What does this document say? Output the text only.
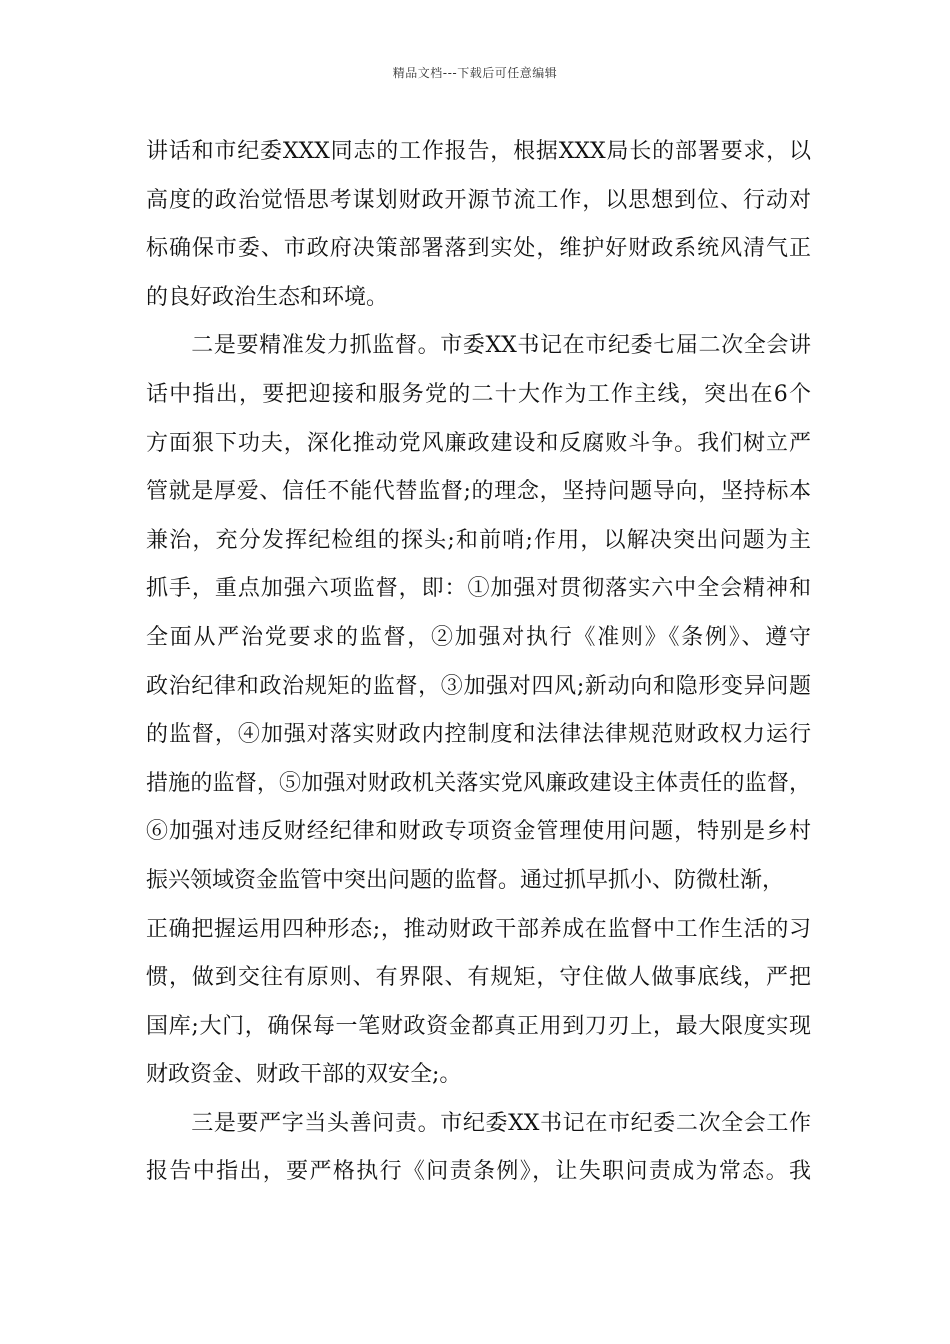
精品文档---下载后可任意编辑
讲话和市纪委XXX同志的工作报告，根据XXX局长的部署要求，以
高度的政治觉悟思考谋划财政开源节流工作，以思想到位、行动对
标确保市委、市政府决策部署落到实处，维护好财政系统风清气正
的良好政治生态和环境。
　　二是要精准发力抓监督。市委XX书记在市纪委七届二次全会讲
话中指出，要把迎接和服务党的二十大作为工作主线，突出在6个
方面狠下功夫，深化推动党风廉政建设和反腐败斗争。我们树立严
管就是厚爱、信任不能代替监督;的理念，坚持问题导向，坚持标本
兼治，充分发挥纪检组的探头;和前哨;作用，以解决突出问题为主
抓手，重点加强六项监督，即：①加强对贯彻落实六中全会精神和
全面从严治党要求的监督，②加强对执行《准则》《条例》、遵守
政治纪律和政治规矩的监督，③加强对四风;新动向和隐形变异问题
的监督，④加强对落实财政内控制度和法律法律规范财政权力运行
措施的监督，⑤加强对财政机关落实党风廉政建设主体责任的监督，
⑥加强对违反财经纪律和财政专项资金管理使用问题，特别是乡村
振兴领域资金监管中突出问题的监督。通过抓早抓小、防微杜渐，
正确把握运用四种形态;，推动财政干部养成在监督中工作生活的习
惯，做到交往有原则、有界限、有规矩，守住做人做事底线，严把
国库;大门，确保每一笔财政资金都真正用到刀刃上，最大限度实现
财政资金、财政干部的双安全;。
　　三是要严字当头善问责。市纪委XX书记在市纪委二次全会工作
报告中指出，要严格执行《问责条例》，让失职问责成为常态。我
